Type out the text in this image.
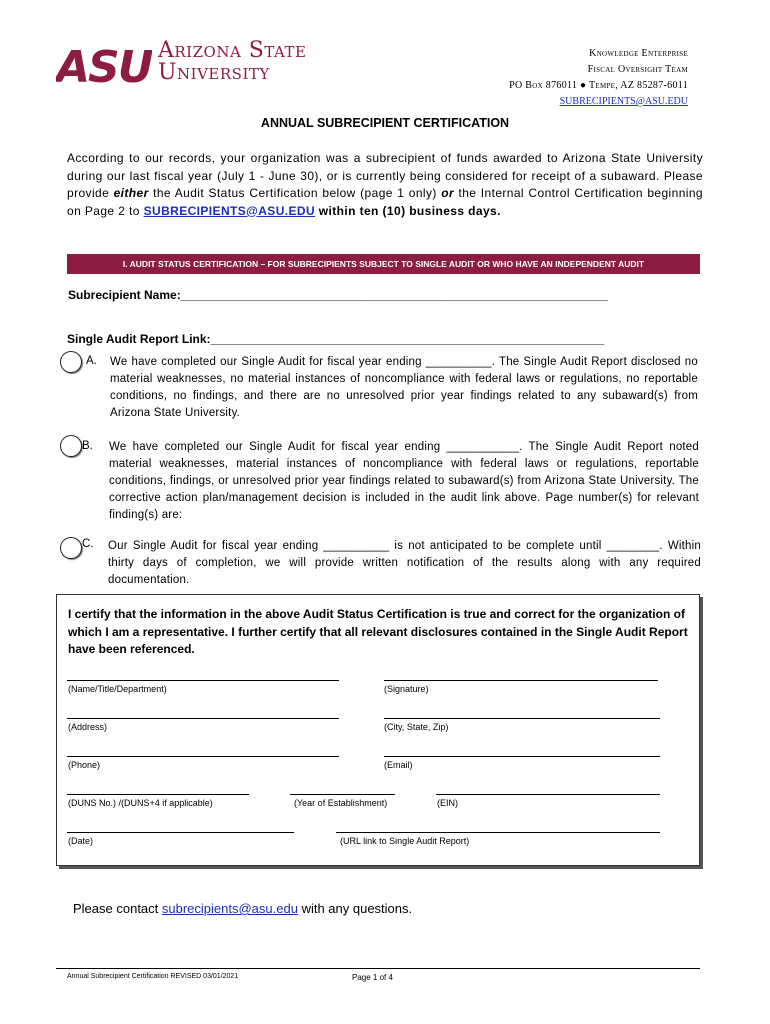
ASU Arizona State
University
Knowledge Enterprise
Fiscal Oversight Team
PO Box 876011 ● Tempe, AZ 85287-6011
SUBRECIPIENTS@ASU.EDU
ANNUAL SUBRECIPIENT CERTIFICATION
According to our records, your organization was a subrecipient of funds awarded to Arizona State University during our last fiscal year (July 1 - June 30), or is currently being considered for receipt of a subaward. Please provide either the Audit Status Certification below (page 1 only) or the Internal Control Certification beginning on Page 2 to SUBRECIPIENTS@ASU.EDU within ten (10) business days.
I. AUDIT STATUS CERTIFICATION – FOR SUBRECIPIENTS SUBJECT TO SINGLE AUDIT OR WHO HAVE AN INDEPENDENT AUDIT
Subrecipient Name:________________________________________________________________
Single Audit Report Link:___________________________________________________________
A. We have completed our Single Audit for fiscal year ending __________. The Single Audit Report disclosed no material weaknesses, no material instances of noncompliance with federal laws or regulations, no reportable conditions, no findings, and there are no unresolved prior year findings related to any subaward(s) from Arizona State University.
B. We have completed our Single Audit for fiscal year ending ___________. The Single Audit Report noted material weaknesses, material instances of noncompliance with federal laws or regulations, reportable conditions, findings, or unresolved prior year findings related to subaward(s) from Arizona State University. The corrective action plan/management decision is included in the audit link above. Page number(s) for relevant finding(s) are:
C. Our Single Audit for fiscal year ending __________ is not anticipated to be complete until ________. Within thirty days of completion, we will provide written notification of the results along with any required documentation.
I certify that the information in the above Audit Status Certification is true and correct for the organization of which I am a representative. I further certify that all relevant disclosures contained in the Single Audit Report have been referenced.
(Name/Title/Department)	(Signature)
(Address)	(City, State, Zip)
(Phone)	(Email)
(DUNS No.) /(DUNS+4 if applicable)	(Year of Establishment)	(EIN)
(Date)	(URL link to Single Audit Report)
Please contact subrecipients@asu.edu with any questions.
Annual Subrecipient Certification REVISED 03/01/2021	Page 1 of 4
